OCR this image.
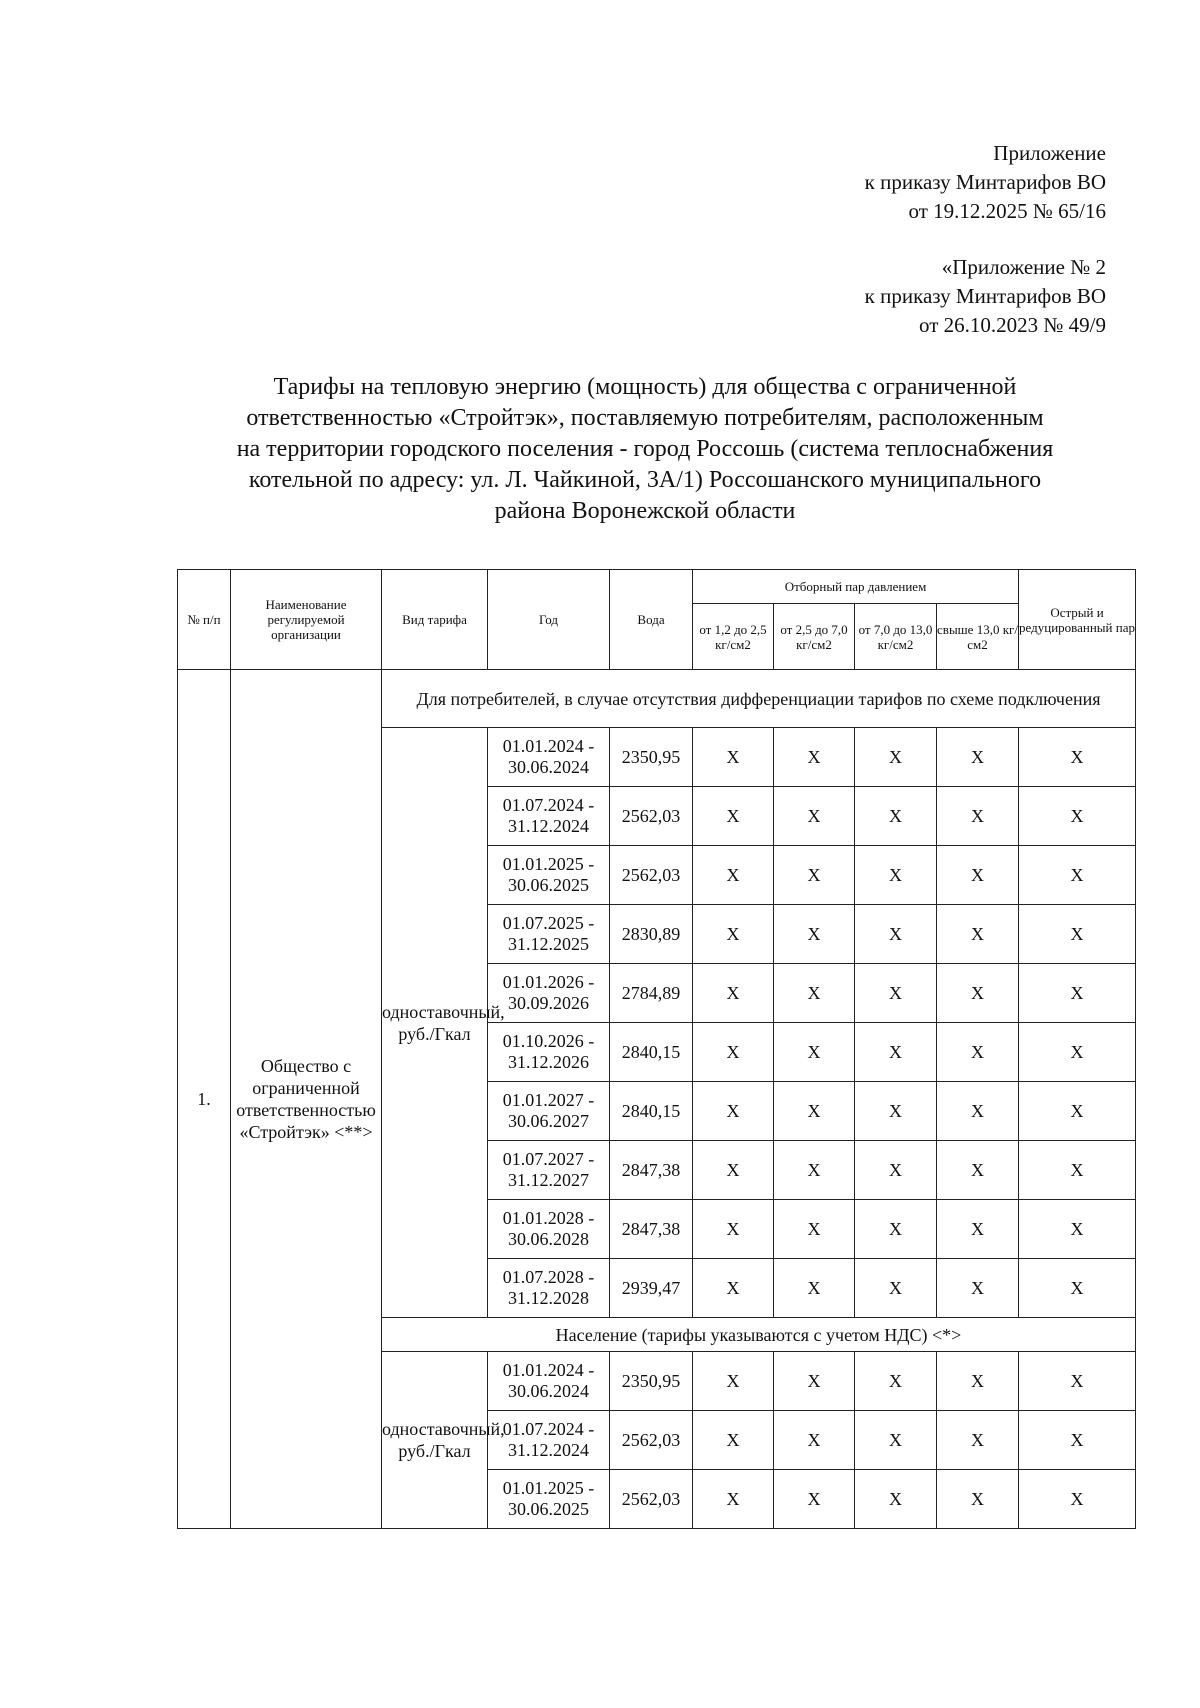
Приложение
к приказу Минтарифов ВО
от 19.12.2025 № 65/16
«Приложение № 2
к приказу Минтарифов ВО
от 26.10.2023 № 49/9
Тарифы на тепловую энергию (мощность) для общества с ограниченной
ответственностью «Стройтэк», поставляемую потребителям, расположенным
на территории городского поселения - город Россошь (система теплоснабжения
котельной по адресу: ул. Л. Чайкиной, 3А/1) Россошанского муниципального
района Воронежской области
№ п/п	Наименование регулируемой организации	Вид тарифа	Год	Вода	Отборный пар давлением				Острый и редуцированный пар
					от 1,2 до 2,5 кг/см2	от 2,5 до 7,0 кг/см2	от 7,0 до 13,0 кг/см2	свыше 13,0 кг/см2	
1.	Общество с ограниченной ответственностью «Стройтэк» <**>	Для потребителей, в случае отсутствия дифференциации тарифов по схеме подключения							
		одноставочный, руб./Гкал	01.01.2024 - 30.06.2024	2350,95	X	X	X	X	X
			01.07.2024 - 31.12.2024	2562,03	X	X	X	X	X
			01.01.2025 - 30.06.2025	2562,03	X	X	X	X	X
			01.07.2025 - 31.12.2025	2830,89	X	X	X	X	X
			01.01.2026 - 30.09.2026	2784,89	X	X	X	X	X
			01.10.2026 - 31.12.2026	2840,15	X	X	X	X	X
			01.01.2027 - 30.06.2027	2840,15	X	X	X	X	X
			01.07.2027 - 31.12.2027	2847,38	X	X	X	X	X
			01.01.2028 - 30.06.2028	2847,38	X	X	X	X	X
			01.07.2028 - 31.12.2028	2939,47	X	X	X	X	X
		Население (тарифы указываются с учетом НДС) <*>							
		одноставочный, руб./Гкал	01.01.2024 - 30.06.2024	2350,95	X	X	X	X	X
			01.07.2024 - 31.12.2024	2562,03	X	X	X	X	X
			01.01.2025 - 30.06.2025	2562,03	X	X	X	X	X
